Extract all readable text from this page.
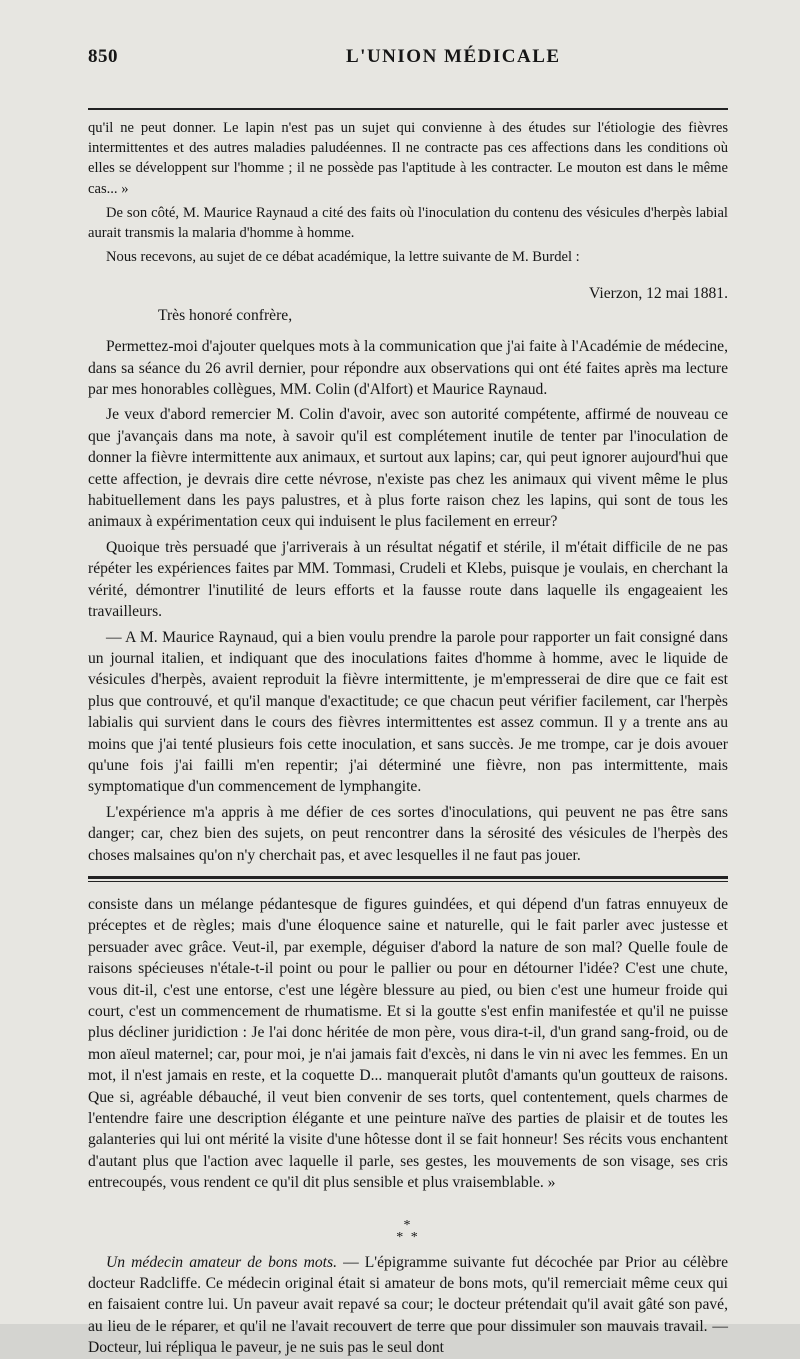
850	L'UNION MÉDICALE

qu'il ne peut donner. Le lapin n'est pas un sujet qui convienne à des études sur l'étiologie des fièvres intermittentes et des autres maladies paludéennes. Il ne contracte pas ces affections dans les conditions où elles se développent sur l'homme ; il ne possède pas l'aptitude à les contracter. Le mouton est dans le même cas... »

De son côté, M. Maurice Raynaud a cité des faits où l'inoculation du contenu des vésicules d'herpès labial aurait transmis la malaria d'homme à homme.

Nous recevons, au sujet de ce débat académique, la lettre suivante de M. Burdel :

Vierzon, 12 mai 1881.

Très honoré confrère,

Permettez-moi d'ajouter quelques mots à la communication que j'ai faite à l'Académie de médecine, dans sa séance du 26 avril dernier, pour répondre aux observations qui ont été faites après ma lecture par mes honorables collègues, MM. Colin (d'Alfort) et Maurice Raynaud.

Je veux d'abord remercier M. Colin d'avoir, avec son autorité compétente, affirmé de nouveau ce que j'avançais dans ma note, à savoir qu'il est complétement inutile de tenter par l'inoculation de donner la fièvre intermittente aux animaux, et surtout aux lapins; car, qui peut ignorer aujourd'hui que cette affection, je devrais dire cette névrose, n'existe pas chez les animaux qui vivent même le plus habituellement dans les pays palustres, et à plus forte raison chez les lapins, qui sont de tous les animaux à expérimentation ceux qui induisent le plus facilement en erreur?

Quoique très persuadé que j'arriverais à un résultat négatif et stérile, il m'était difficile de ne pas répéter les expériences faites par MM. Tommasi, Crudeli et Klebs, puisque je voulais, en cherchant la vérité, démontrer l'inutilité de leurs efforts et la fausse route dans laquelle ils engageaient les travailleurs.

— A M. Maurice Raynaud, qui a bien voulu prendre la parole pour rapporter un fait consigné dans un journal italien, et indiquant que des inoculations faites d'homme à homme, avec le liquide de vésicules d'herpès, avaient reproduit la fièvre intermittente, je m'empresserai de dire que ce fait est plus que controuvé, et qu'il manque d'exactitude; ce que chacun peut vérifier facilement, car l'herpès labialis qui survient dans le cours des fièvres intermittentes est assez commun. Il y a trente ans au moins que j'ai tenté plusieurs fois cette inoculation, et sans succès. Je me trompe, car je dois avouer qu'une fois j'ai failli m'en repentir; j'ai déterminé une fièvre, non pas intermittente, mais symptomatique d'un commencement de lymphangite.

L'expérience m'a appris à me défier de ces sortes d'inoculations, qui peuvent ne pas être sans danger; car, chez bien des sujets, on peut rencontrer dans la sérosité des vésicules de l'herpès des choses malsaines qu'on n'y cherchait pas, et avec lesquelles il ne faut pas jouer.

consiste dans un mélange pédantesque de figures guindées, et qui dépend d'un fatras ennuyeux de préceptes et de règles; mais d'une éloquence saine et naturelle, qui le fait parler avec justesse et persuader avec grâce. Veut-il, par exemple, déguiser d'abord la nature de son mal? Quelle foule de raisons spécieuses n'étale-t-il point ou pour le pallier ou pour en détourner l'idée? C'est une chute, vous dit-il, c'est une entorse, c'est une légère blessure au pied, ou bien c'est une humeur froide qui court, c'est un commencement de rhumatisme. Et si la goutte s'est enfin manifestée et qu'il ne puisse plus décliner juridiction : Je l'ai donc héritée de mon père, vous dira-t-il, d'un grand sang-froid, ou de mon aïeul maternel; car, pour moi, je n'ai jamais fait d'excès, ni dans le vin ni avec les femmes. En un mot, il n'est jamais en reste, et la coquette D... manquerait plutôt d'amants qu'un goutteux de raisons. Que si, agréable débauché, il veut bien convenir de ses torts, quel contentement, quels charmes de l'entendre faire une description élégante et une peinture naïve des parties de plaisir et de toutes les galanteries qui lui ont mérité la visite d'une hôtesse dont il se fait honneur! Ses récits vous enchantent d'autant plus que l'action avec laquelle il parle, ses gestes, les mouvements de son visage, ses cris entrecoupés, vous rendent ce qu'il dit plus sensible et plus vraisemblable. »

*
* *

Un médecin amateur de bons mots. — L'épigramme suivante fut décochée par Prior au célèbre docteur Radcliffe. Ce médecin original était si amateur de bons mots, qu'il remerciait même ceux qui en faisaient contre lui. Un paveur avait repavé sa cour; le docteur prétendait qu'il avait gâté son pavé, au lieu de le réparer, et qu'il ne l'avait recouvert de terre que pour dissimuler son mauvais travail. — Docteur, lui répliqua le paveur, je ne suis pas le seul dont
